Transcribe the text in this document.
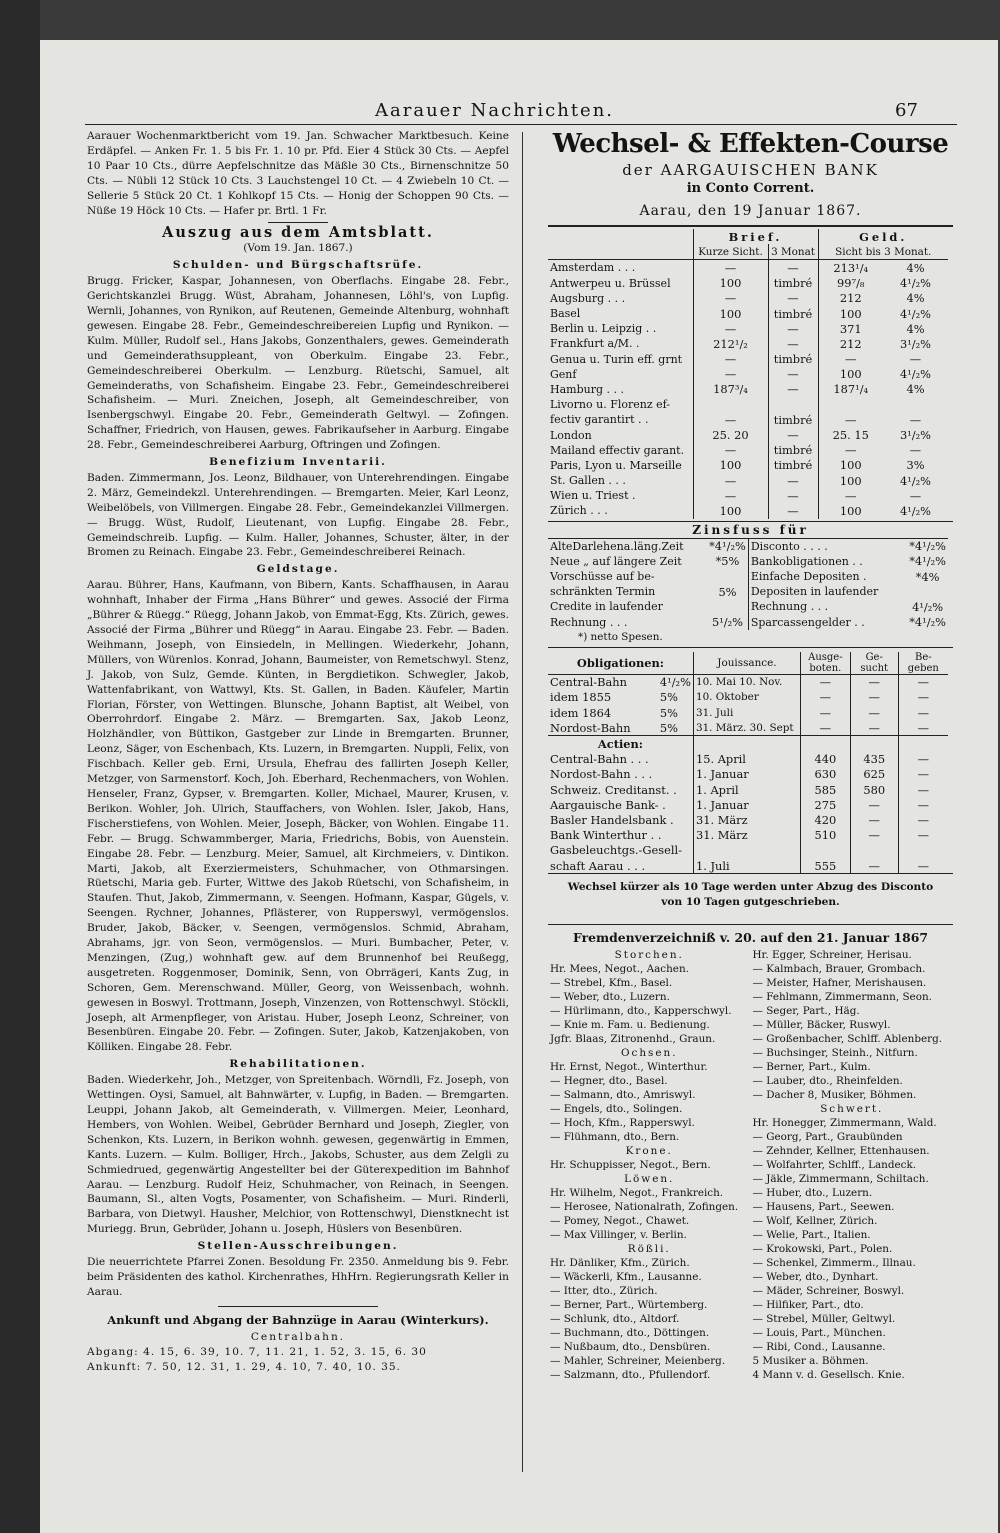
Aarauer Nachrichten.	67

Aarauer Wochenmarktbericht vom 19. Jan. Schwacher Marktbesuch. Keine Erdäpfel. — Anken Fr. 1. 5 bis Fr. 1. 10 pr. Pfd. Eier 4 Stück 30 Cts. — Aepfel 10 Paar 10 Cts., dürre Aepfelschnitze das Mäßle 30 Cts., Birnenschnitze 50 Cts. — Nübli 12 Stück 10 Cts. 3 Lauchstengel 10 Ct. — 4 Zwiebeln 10 Ct. — Sellerie 5 Stück 20 Ct. 1 Kohlkopf 15 Cts. — Honig der Schoppen 90 Cts. — Nüße 19 Höck 10 Cts. — Hafer pr. Brtl. 1 Fr.

Auszug aus dem Amtsblatt.
(Vom 19. Jan. 1867.)
Schulden- und Bürgschaftsrüfe.

Brugg. Fricker, Kaspar, Johannesen, von Oberflachs. Eingabe 28. Febr., Gerichtskanzlei Brugg. Wüst, Abraham, Johannesen, Löhl's, von Lupfig. Wernli, Johannes, von Rynikon, auf Reutenen, Gemeinde Altenburg, wohnhaft gewesen. Eingabe 28. Febr., Gemeindeschreibereien Lupfig und Rynikon. — Kulm. Müller, Rudolf sel., Hans Jakobs, Gonzenthalers, gewes. Gemeinderath und Gemeinderathsuppleant, von Oberkulm. Eingabe 23. Febr., Gemeindeschreiberei Oberkulm. — Lenzburg. Rüetschi, Samuel, alt Gemeinderaths, von Schafisheim. Eingabe 23. Febr., Gemeindeschreiberei Schafisheim. — Muri. Zneichen, Joseph, alt Gemeindeschreiber, von Isenbergschwyl. Eingabe 20. Febr., Gemeinderath Geltwyl. — Zofingen. Schaffner, Friedrich, von Hausen, gewes. Fabrikaufseher in Aarburg. Eingabe 28. Febr., Gemeindeschreiberei Aarburg, Oftringen und Zofingen.

Benefizium Inventarii.

Baden. Zimmermann, Jos. Leonz, Bildhauer, von Unterehrendingen. Eingabe 2. März, Gemeindekzl. Unterehrendingen. — Bremgarten. Meier, Karl Leonz, Weibelöbels, von Villmergen. Eingabe 28. Febr., Gemeindekanzlei Villmergen. — Brugg. Wüst, Rudolf, Lieutenant, von Lupfig. Eingabe 28. Febr., Gemeindschreib. Lupfig. — Kulm. Haller, Johannes, Schuster, älter, in der Bromen zu Reinach. Eingabe 23. Febr., Gemeindeschreiberei Reinach.

Geldstage.

Aarau. Bührer, Hans, Kaufmann, von Bibern, Kants. Schaffhausen, in Aarau wohnhaft, Inhaber der Firma „Hans Bührer“ und gewes. Associé der Firma „Bührer & Rüegg.“ Rüegg, Johann Jakob, von Emmat-Egg, Kts. Zürich, gewes. Associé der Firma „Bührer und Rüegg“ in Aarau. Eingabe 23. Febr. — Baden. Weihmann, Joseph, von Einsiedeln, in Mellingen. Wiederkehr, Johann, Müllers, von Würenlos. Konrad, Johann, Baumeister, von Remetschwyl. Stenz, J. Jakob, von Sulz, Gemde. Künten, in Bergdietikon. Schwegler, Jakob, Wattenfabrikant, von Wattwyl, Kts. St. Gallen, in Baden. Käufeler, Martin Florian, Förster, von Wettingen. Blunsche, Johann Baptist, alt Weibel, von Oberrohrdorf. Eingabe 2. März. — Bremgarten. Sax, Jakob Leonz, Holzhändler, von Büttikon, Gastgeber zur Linde in Bremgarten. Brunner, Leonz, Säger, von Eschenbach, Kts. Luzern, in Bremgarten. Nuppli, Felix, von Fischbach. Keller geb. Erni, Ursula, Ehefrau des fallirten Joseph Keller, Metzger, von Sarmenstorf. Koch, Joh. Eberhard, Rechenmachers, von Wohlen. Henseler, Franz, Gypser, v. Bremgarten. Koller, Michael, Maurer, Krusen, v. Berikon. Wohler, Joh. Ulrich, Stauffachers, von Wohlen. Isler, Jakob, Hans, Fischerstiefens, von Wohlen. Meier, Joseph, Bäcker, von Wohlen. Eingabe 11. Febr. — Brugg. Schwammberger, Maria, Friedrichs, Bobis, von Auenstein. Eingabe 28. Febr. — Lenzburg. Meier, Samuel, alt Kirchmeiers, v. Dintikon. Marti, Jakob, alt Exerziermeisters, Schuhmacher, von Othmarsingen. Rüetschi, Maria geb. Furter, Wittwe des Jakob Rüetschi, von Schafisheim, in Staufen. Thut, Jakob, Zimmermann, v. Seengen. Hofmann, Kaspar, Gügels, v. Seengen. Rychner, Johannes, Pflästerer, von Rupperswyl, vermögenslos. Bruder, Jakob, Bäcker, v. Seengen, vermögenslos. Schmid, Abraham, Abrahams, jgr. von Seon, vermögenslos. — Muri. Bumbacher, Peter, v. Menzingen, (Zug,) wohnhaft gew. auf dem Brunnenhof bei Reußegg, ausgetreten. Roggenmoser, Dominik, Senn, von Obrrägeri, Kants Zug, in Schoren, Gem. Merenschwand. Müller, Georg, von Weissenbach, wohnh. gewesen in Boswyl. Trottmann, Joseph, Vinzenzen, von Rottenschwyl. Stöckli, Joseph, alt Armenpfleger, von Aristau. Huber, Joseph Leonz, Schreiner, von Besenbüren. Eingabe 20. Febr. — Zofingen. Suter, Jakob, Katzenjakoben, von Kölliken. Eingabe 28. Febr.

Rehabilitationen.

Baden. Wiederkehr, Joh., Metzger, von Spreitenbach. Wörndli, Fz. Joseph, von Wettingen. Oysi, Samuel, alt Bahnwärter, v. Lupfig, in Baden. — Bremgarten. Leuppi, Johann Jakob, alt Gemeinderath, v. Villmergen. Meier, Leonhard, Hembers, von Wohlen. Weibel, Gebrüder Bernhard und Joseph, Ziegler, von Schenkon, Kts. Luzern, in Berikon wohnh. gewesen, gegenwärtig in Emmen, Kants. Luzern. — Kulm. Bolliger, Hrch., Jakobs, Schuster, aus dem Zelgli zu Schmiedrued, gegenwärtig Angestellter bei der Güterexpedition im Bahnhof Aarau. — Lenzburg. Rudolf Heiz, Schuhmacher, von Reinach, in Seengen. Baumann, Sl., alten Vogts, Posamenter, von Schafisheim. — Muri. Rinderli, Barbara, von Dietwyl. Hausher, Melchior, von Rottenschwyl, Dienstknecht ist Muriegg. Brun, Gebrüder, Johann u. Joseph, Hüslers von Besenbüren.

Stellen-Ausschreibungen.

Die neuerrichtete Pfarrei Zonen. Besoldung Fr. 2350. Anmeldung bis 9. Febr. beim Präsidenten des kathol. Kirchenrathes, HhHrn. Regierungsrath Keller in Aarau.

Ankunft und Abgang der Bahnzüge in Aarau (Winterkurs).
Centralbahn.
Abgang: 4. 15, 6. 39, 10. 7, 11. 21, 1. 52, 3. 15, 6. 30
Ankunft: 7. 50, 12. 31, 1. 29, 4. 10, 7. 40, 10. 35.
Wechsel- & Effekten-Course
der AARGAUISCHEN BANK
in Conto Corrent.
Aarau, den 19 Januar 1867.
	Brief.		Geld.	
	Kurze Sicht.	3 Monat	Sicht bis 3 Monat.	
Amsterdam . . .	—	—	213¹/₄	4%
Antwerpeu u. Brüssel	100	timbré	99⁷/₈	4¹/₂%
Augsburg . . .	—	—	212	4%
Basel	100	timbré	100	4¹/₂%
Berlin u. Leipzig . .	—	—	371	4%
Frankfurt a/M. .	212¹/₂	—	212	3¹/₂%
Genua u. Turin eff. grnt	—	timbré	—	—
Genf	—	—	100	4¹/₂%
Hamburg . . .	187³/₄	—	187¹/₄	4%
Livorno u. Florenz ef-				
fectiv garantirt . .	—	timbré	—	—
London	25. 20	—	25. 15	3¹/₂%
Mailand effectiv garant.	—	timbré	—	—
Paris, Lyon u. Marseille	100	timbré	100	3%
St. Gallen . . .	—	—	100	4¹/₂%
Wien u. Triest .	—	—	—	—
Zürich . . .	100	—	100	4¹/₂%
Zinsfuss für
AlteDarlehena.läng.Zeit	*4¹/₂%	Disconto . . . .	*4¹/₂%
Neue „ auf längere Zeit	*5%	Bankobligationen . .	*4¹/₂%
Vorschüsse auf be-		Einfache Depositen .	*4%
schränkten Termin	5%	Depositen in laufender	
Credite in laufender		Rechnung . . .	4¹/₂%
Rechnung . . .	5¹/₂%	Sparcassengelder . .	*4¹/₂%
*) netto Spesen.
Obligationen:		Jouissance.	Ausge-boten.	Ge-sucht	Be-geben
Central-Bahn	4¹/₂%	10. Mai 10. Nov.	—	—	—
idem 1855	5%	10. Oktober	—	—	—
idem 1864	5%	31. Juli	—	—	—
Nordost-Bahn	5%	31. März. 30. Sept	—	—	—
Actien:					
Central-Bahn . . .		15. April	440	435	—
Nordost-Bahn . . .		1. Januar	630	625	—
Schweiz. Creditanst. .		1. April	585	580	—
Aargauische Bank- .		1. Januar	275	—	—
Basler Handelsbank .		31. März	420	—	—
Bank Winterthur . .		31. März	510	—	—
Gasbeleuchtgs.-Gesell-					
schaft Aarau . . .		1. Juli	555	—	—
Wechsel kürzer als 10 Tage werden unter Abzug des Disconto von 10 Tagen gutgeschrieben.
Fremdenverzeichniß v. 20. auf den 21. Januar 1867
Storchen.
Hr. Mees, Negot., Aachen.
— Strebel, Kfm., Basel.
— Weber, dto., Luzern.
— Hürlimann, dto., Kapperschwyl.
— Knie m. Fam. u. Bedienung.
Jgfr. Blaas, Zitronenhd., Graun.
Ochsen.
Hr. Ernst, Negot., Winterthur.
— Hegner, dto., Basel.
— Salmann, dto., Amriswyl.
— Engels, dto., Solingen.
— Hoch, Kfm., Rapperswyl.
— Flühmann, dto., Bern.
Krone.
Hr. Schuppisser, Negot., Bern.
Löwen.
Hr. Wilhelm, Negot., Frankreich.
— Herosee, Nationalrath, Zofingen.
— Pomey, Negot., Chawet.
— Max Villinger, v. Berlin.
Rößli.
Hr. Dänliker, Kfm., Zürich.
— Wäckerli, Kfm., Lausanne.
— Itter, dto., Zürich.
— Berner, Part., Würtemberg.
— Schlunk, dto., Altdorf.
— Buchmann, dto., Döttingen.
— Nußbaum, dto., Densbüren.
— Mahler, Schreiner, Meienberg.
— Salzmann, dto., Pfullendorf.
Hr. Egger, Schreiner, Herisau.
— Kalmbach, Brauer, Grombach.
— Meister, Hafner, Merishausen.
— Fehlmann, Zimmermann, Seon.
— Seger, Part., Häg.
— Müller, Bäcker, Ruswyl.
— Großenbacher, Schlff. Ablenberg.
— Buchsinger, Steinh., Nitfurn.
— Berner, Part., Kulm.
— Lauber, dto., Rheinfelden.
— Dacher 8, Musiker, Böhmen.
Schwert.
Hr. Honegger, Zimmermann, Wald.
— Georg, Part., Graubünden
— Zehnder, Kellner, Ettenhausen.
— Wolfahrter, Schlff., Landeck.
— Jäkle, Zimmermann, Schiltach.
— Huber, dto., Luzern.
— Hausens, Part., Seewen.
— Wolf, Kellner, Zürich.
— Welie, Part., Italien.
— Krokowski, Part., Polen.
— Schenkel, Zimmerm., Illnau.
— Weber, dto., Dynhart.
— Mäder, Schreiner, Boswyl.
— Hilfiker, Part., dto.
— Strebel, Müller, Geltwyl.
— Louis, Part., München.
— Ribi, Cond., Lausanne.
5 Musiker a. Böhmen.
4 Mann v. d. Gesellsch. Knie.
